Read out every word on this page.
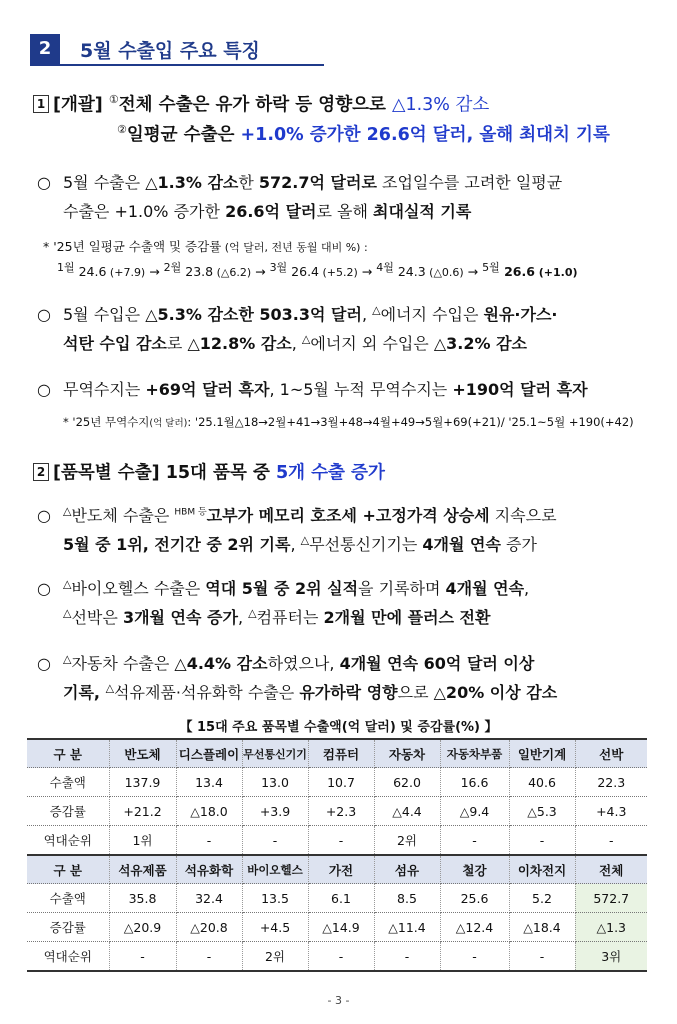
2	5월 수출입 주요 특징
1 [개괄] ①전체 수출은 유가 하락 등 영향으로 △1.3% 감소
②일평균 수출은 +1.0% 증가한 26.6억 달러, 올해 최대치 기록
○ 5월 수출은 △1.3% 감소한 572.7억 달러로 조업일수를 고려한 일평균
수출은 +1.0% 증가한 26.6억 달러로 올해 최대실적 기록
* '25년 일평균 수출액 및 증감률 (억 달러, 전년 동월 대비 %) :
$^{1월}$ 24.6 (+7.9) → $^{2월}$ 23.8 (△6.2) → $^{3월}$ 26.4 (+5.2) → $^{4월}$ 24.3 (△0.6) → $^{5월}$ 26.6 (+1.0)
○ 5월 수입은 △5.3% 감소한 503.3억 달러, △에너지 수입은 원유·가스·
석탄 수입 감소로 △12.8% 감소, △에너지 외 수입은 △3.2% 감소
○ 무역수지는 +69억 달러 흑자, 1~5월 누적 무역수지는 +190억 달러 흑자
* '25년 무역수지(억 달러): '25.1월△18→2월+41→3월+48→4월+49→5월+69(+21)/ '25.1~5월 +190(+42)
2 [품목별 수출] 15대 품목 중 5개 수출 증가
○ △반도체 수출은 $^{HBM 등}$고부가 메모리 호조세 +고정가격 상승세 지속으로
5월 중 1위, 전기간 중 2위 기록, △무선통신기기는 4개월 연속 증가
○ △바이오헬스 수출은 역대 5월 중 2위 실적을 기록하며 4개월 연속,
△선박은 3개월 연속 증가, △컴퓨터는 2개월 만에 플러스 전환
○ △자동차 수출은 △4.4% 감소하였으나, 4개월 연속 60억 달러 이상
기록, △석유제품·석유화학 수출은 유가하락 영향으로 △20% 이상 감소
【 15대 주요 품목별 수출액(억 달러) 및 증감률(%) 】
구 분	반도체	디스플레이	무선통신기기	컴퓨터	자동차	자동차부품	일반기계	선박
수출액	137.9	13.4	13.0	10.7	62.0	16.6	40.6	22.3
증감률	+21.2	△18.0	+3.9	+2.3	△4.4	△9.4	△5.3	+4.3
역대순위	1위	-	-	-	2위	-	-	-
구 분	석유제품	석유화학	바이오헬스	가전	섬유	철강	이차전지	전체
수출액	35.8	32.4	13.5	6.1	8.5	25.6	5.2	572.7
증감률	△20.9	△20.8	+4.5	△14.9	△11.4	△12.4	△18.4	△1.3
역대순위	-	-	2위	-	-	-	-	3위
- 3 -
